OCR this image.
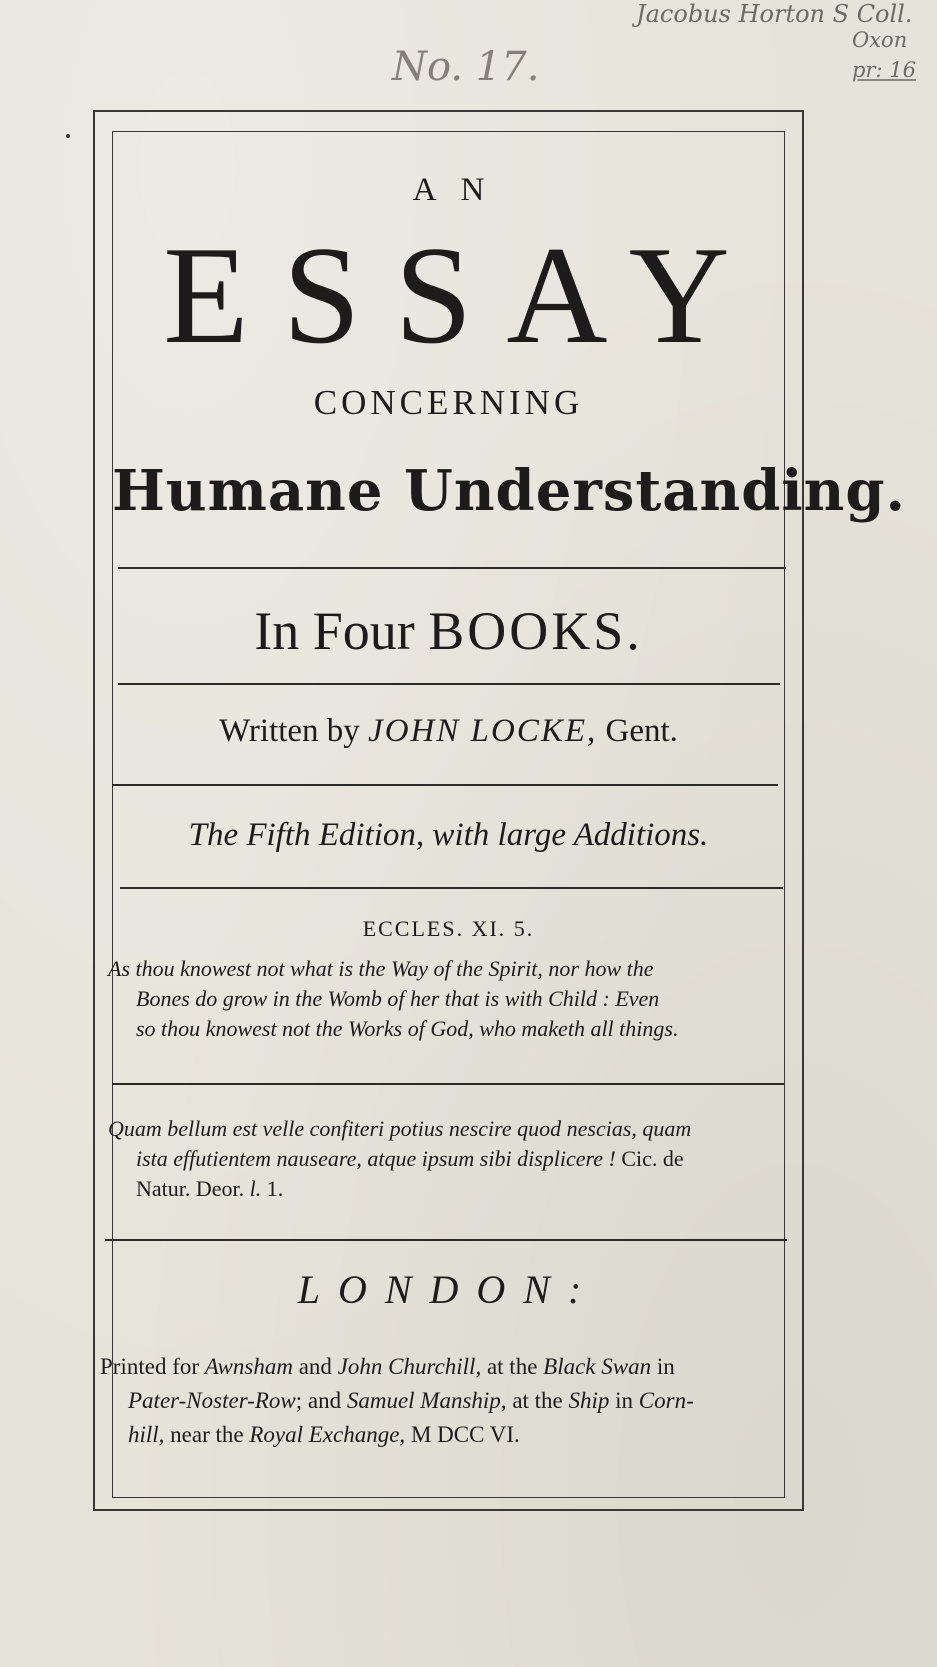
Jacobus Horton S Coll.
Oxon
pr: 16
No. 17.

AN

ESSAY

CONCERNING

Humane Understanding.

In Four BOOKS.

Written by JOHN LOCKE, Gent.

The Fifth Edition, with large Additions.

ECCLES. XI. 5.

As thou knowest not what is the Way of the Spirit, nor how the
Bones do grow in the Womb of her that is with Child : Even
so thou knowest not the Works of God, who maketh all things.

Quam bellum est velle confiteri potius nescire quod nescias, quam
ista effutientem nauseare, atque ipsum sibi displicere ! Cic. de
Natur. Deor. l. 1.

LONDON:

Printed for Awnsham and John Churchill, at the Black Swan in
Pater-Noster-Row; and Samuel Manship, at the Ship in Corn-
hill, near the Royal Exchange, M DCC VI.
